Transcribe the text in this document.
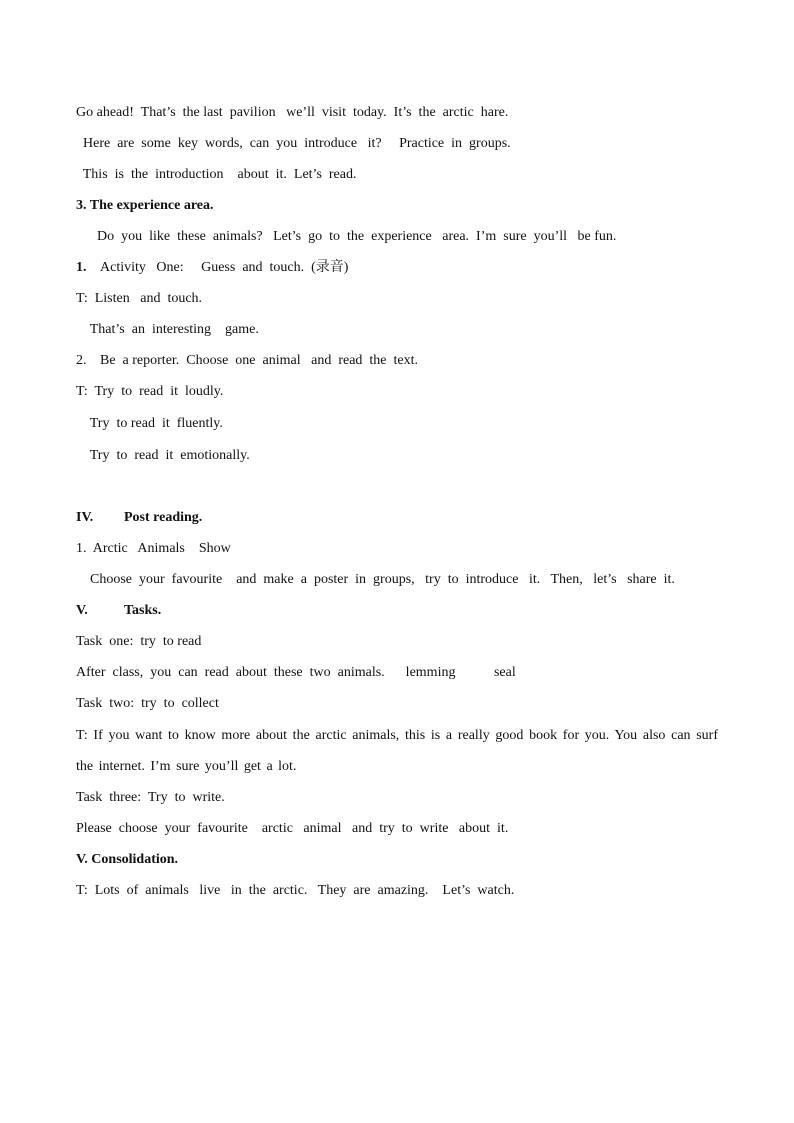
Go ahead!  That’s  the last  pavilion   we’ll  visit  today.  It’s  the  arctic  hare.
Here  are  some  key  words,  can  you  introduce   it?     Practice  in  groups.
This  is  the  introduction    about  it.  Let’s  read.
3. The experience area.
Do  you  like  these  animals?   Let’s  go  to  the  experience   area.  I’m  sure  you’ll   be fun.
1. Activity   One:     Guess  and  touch.  (录音)
T:  Listen   and  touch.
That’s  an  interesting    game.
2. Be  a reporter.  Choose  one  animal   and  read  the  text.
T:  Try  to  read  it  loudly.
Try  to read  it  fluently.
Try  to  read  it  emotionally.
IV. Post reading.
1.  Arctic   Animals    Show
Choose  your  favourite    and  make  a  poster  in  groups,   try  to  introduce   it.   Then,   let’s   share  it.
V.	Tasks.
Task  one:  try  to read
After  class,  you  can  read  about  these  two  animals.      lemming           seal
Task  two:  try  to  collect
T: If you want to know more about the arctic animals, this is a really good book for you. You also can surf the internet. I’m sure you’ll get a lot.
Task  three:  Try  to  write.
Please  choose  your  favourite    arctic   animal   and  try  to  write   about  it.
V. Consolidation.
T:  Lots  of  animals   live   in  the  arctic.   They  are  amazing.    Let’s  watch.
